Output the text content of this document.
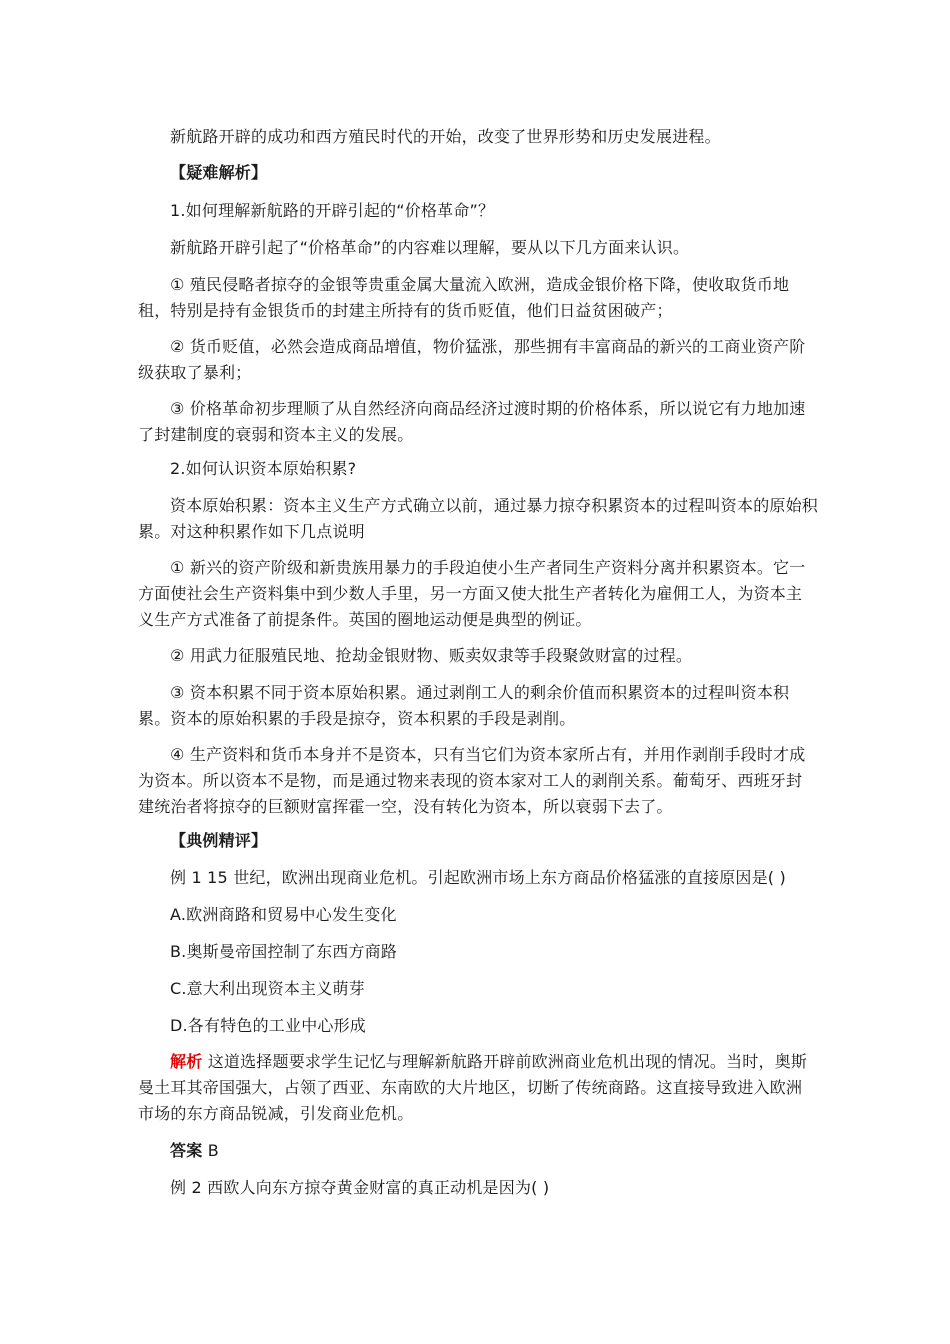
新航路开辟的成功和西方殖民时代的开始，改变了世界形势和历史发展进程。

【疑难解析】

1.如何理解新航路的开辟引起的“价格革命”？

新航路开辟引起了“价格革命”的内容难以理解，要从以下几方面来认识。

① 殖民侵略者掠夺的金银等贵重金属大量流入欧洲，造成金银价格下降，使收取货币地租，特别是持有金银货币的封建主所持有的货币贬值，他们日益贫困破产；

② 货币贬值，必然会造成商品增值，物价猛涨，那些拥有丰富商品的新兴的工商业资产阶级获取了暴利；

③ 价格革命初步理顺了从自然经济向商品经济过渡时期的价格体系，所以说它有力地加速了封建制度的衰弱和资本主义的发展。

2.如何认识资本原始积累?

资本原始积累：资本主义生产方式确立以前，通过暴力掠夺积累资本的过程叫资本的原始积累。对这种积累作如下几点说明

① 新兴的资产阶级和新贵族用暴力的手段迫使小生产者同生产资料分离并积累资本。它一方面使社会生产资料集中到少数人手里，另一方面又使大批生产者转化为雇佣工人，为资本主义生产方式准备了前提条件。英国的圈地运动便是典型的例证。

② 用武力征服殖民地、抢劫金银财物、贩卖奴隶等手段聚敛财富的过程。

③ 资本积累不同于资本原始积累。通过剥削工人的剩余价值而积累资本的过程叫资本积累。资本的原始积累的手段是掠夺，资本积累的手段是剥削。

④ 生产资料和货币本身并不是资本，只有当它们为资本家所占有，并用作剥削手段时才成为资本。所以资本不是物，而是通过物来表现的资本家对工人的剥削关系。葡萄牙、西班牙封建统治者将掠夺的巨额财富挥霍一空，没有转化为资本，所以衰弱下去了。

【典例精评】

例 1 15 世纪，欧洲出现商业危机。引起欧洲市场上东方商品价格猛涨的直接原因是( )

A.欧洲商路和贸易中心发生变化

B.奥斯曼帝国控制了东西方商路

C.意大利出现资本主义萌芽

D.各有特色的工业中心形成

解析 这道选择题要求学生记忆与理解新航路开辟前欧洲商业危机出现的情况。当时，奥斯曼土耳其帝国强大，占领了西亚、东南欧的大片地区，切断了传统商路。这直接导致进入欧洲市场的东方商品锐减，引发商业危机。

答案 B

例 2 西欧人向东方掠夺黄金财富的真正动机是因为( )
